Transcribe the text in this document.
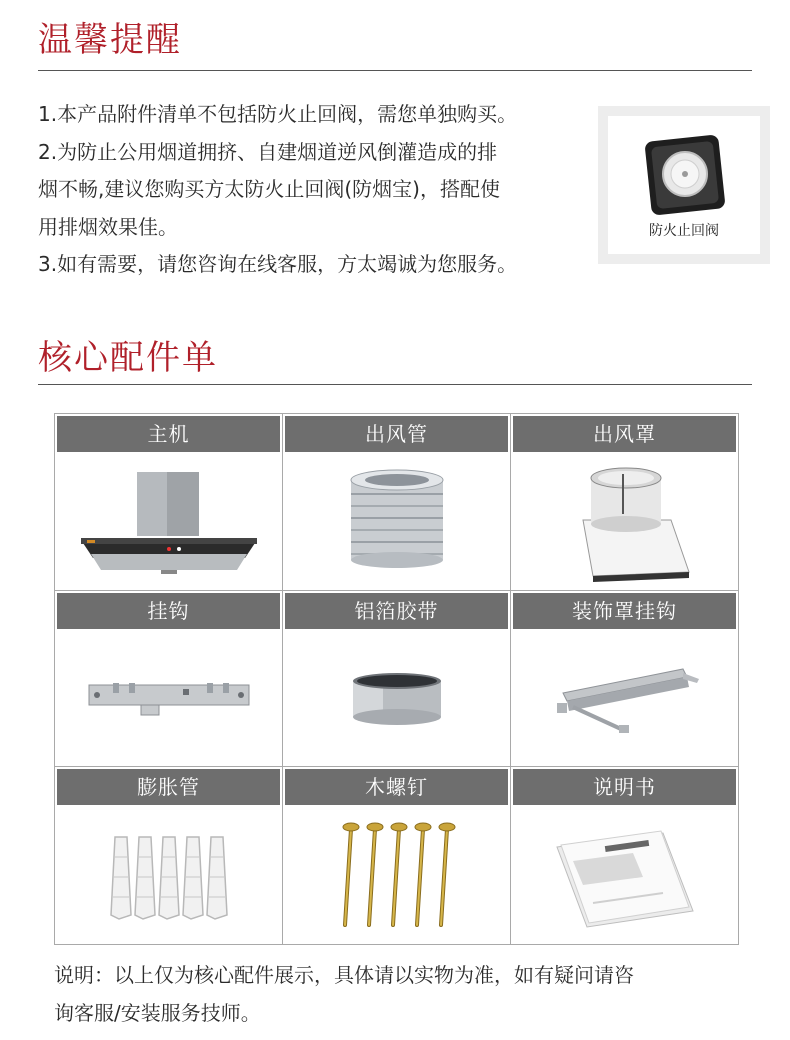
温馨提醒
1.本产品附件清单不包括防火止回阀，需您单独购买。
2.为防止公用烟道拥挤、自建烟道逆风倒灌造成的排
烟不畅,建议您购买方太防火止回阀(防烟宝)，搭配使
用排烟效果佳。
3.如有需要，请您咨询在线客服，方太竭诚为您服务。
防火止回阀
核心配件单
主机	出风管	出风罩
挂钩	铝箔胶带	装饰罩挂钩
膨胀管	木螺钉	说明书
说明：以上仅为核心配件展示，具体请以实物为准，如有疑问请咨
询客服/安装服务技师。
